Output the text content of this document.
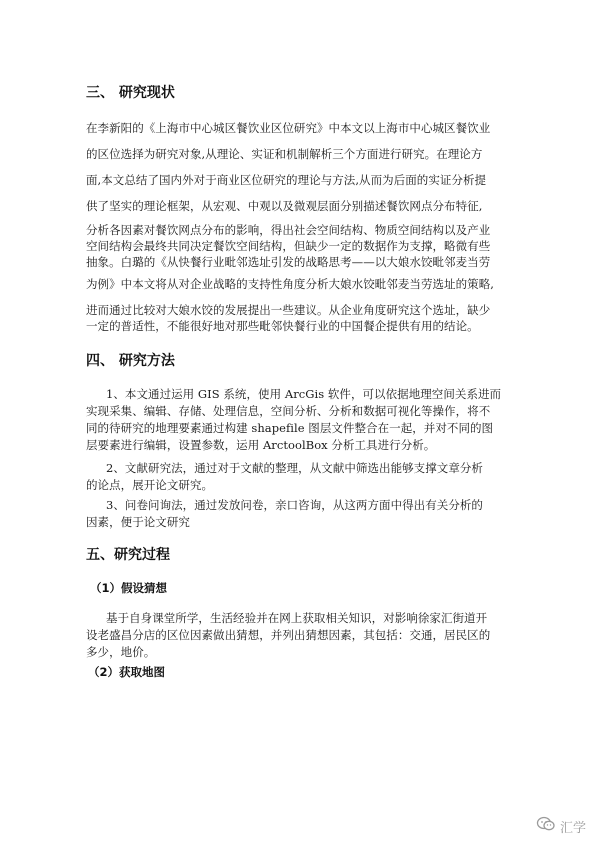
三、 研究现状
在李新阳的《上海市中心城区餐饮业区位研究》中本文以上海市中心城区餐饮业
的区位选择为研究对象,从理论、实证和机制解析三个方面进行研究。在理论方
面,本文总结了国内外对于商业区位研究的理论与方法,从而为后面的实证分析提
供了坚实的理论框架，从宏观、中观以及微观层面分别描述餐饮网点分布特征,
分析各因素对餐饮网点分布的影响，得出社会空间结构、物质空间结构以及产业
空间结构会最终共同决定餐饮空间结构，但缺少一定的数据作为支撑，略微有些
抽象。白璐的《从快餐行业毗邻选址引发的战略思考——以大娘水饺毗邻麦当劳
为例》中本文将从对企业战略的支持性角度分析大娘水饺毗邻麦当劳选址的策略,
进而通过比较对大娘水饺的发展提出一些建议。从企业角度研究这个选址，缺少
一定的普适性，不能很好地对那些毗邻快餐行业的中国餐企提供有用的结论。
四、 研究方法
1、本文通过运用 GIS 系统，使用 ArcGis 软件，可以依据地理空间关系进而
实现采集、编辑、存储、处理信息，空间分析、分析和数据可视化等操作，将不
同的待研究的地理要素通过构建 shapefile 图层文件整合在一起，并对不同的图
层要素进行编辑，设置参数，运用 ArctoolBox 分析工具进行分析。
2、文献研究法，通过对于文献的整理，从文献中筛选出能够支撑文章分析
的论点，展开论文研究。
3、问卷问询法，通过发放问卷，亲口咨询，从这两方面中得出有关分析的
因素，便于论文研究
五、研究过程
（1）假设猜想
基于自身课堂所学，生活经验并在网上获取相关知识，对影响徐家汇街道开
设老盛昌分店的区位因素做出猜想，并列出猜想因素，其包括：交通，居民区的
多少，地价。
（2）获取地图
汇学
